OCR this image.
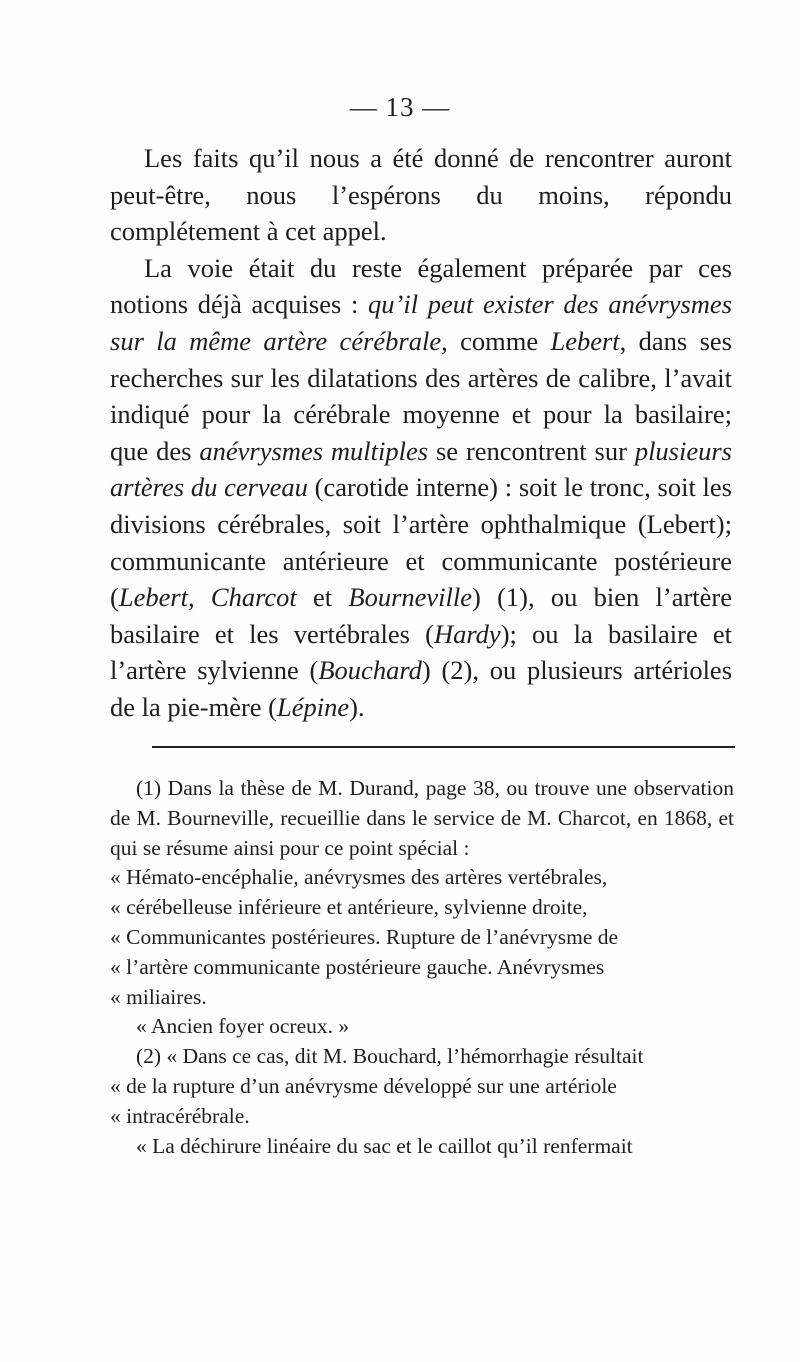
— 13 —

Les faits qu’il nous a été donné de rencontrer auront peut-être, nous l’espérons du moins, répondu complétement à cet appel.

La voie était du reste également préparée par ces notions déjà acquises : qu’il peut exister des anévrysmes sur la même artère cérébrale, comme Lebert, dans ses recherches sur les dilatations des artères de calibre, l’avait indiqué pour la cérébrale moyenne et pour la basilaire; que des anévrysmes multiples se rencontrent sur plusieurs artères du cerveau (carotide interne) : soit le tronc, soit les divisions cérébrales, soit l’artère ophthalmique (Lebert); communicante antérieure et communicante postérieure (Lebert, Charcot et Bourneville) (1), ou bien l’artère basilaire et les vertébrales (Hardy); ou la basilaire et l’artère sylvienne (Bouchard) (2), ou plusieurs artérioles de la pie-mère (Lépine).

(1) Dans la thèse de M. Durand, page 38, ou trouve une observation de M. Bourneville, recueillie dans le service de M. Charcot, en 1868, et qui se résume ainsi pour ce point spécial :

« Hémato-encéphalie, anévrysmes des artères vertébrales,

« cérébelleuse inférieure et antérieure, sylvienne droite,

« Communicantes postérieures. Rupture de l’anévrysme de

« l’artère communicante postérieure gauche. Anévrysmes

« miliaires.

« Ancien foyer ocreux. »

(2) « Dans ce cas, dit M. Bouchard, l’hémorrhagie résultait

« de la rupture d’un anévrysme développé sur une artériole

« intracérébrale.

« La déchirure linéaire du sac et le caillot qu’il renfermait
